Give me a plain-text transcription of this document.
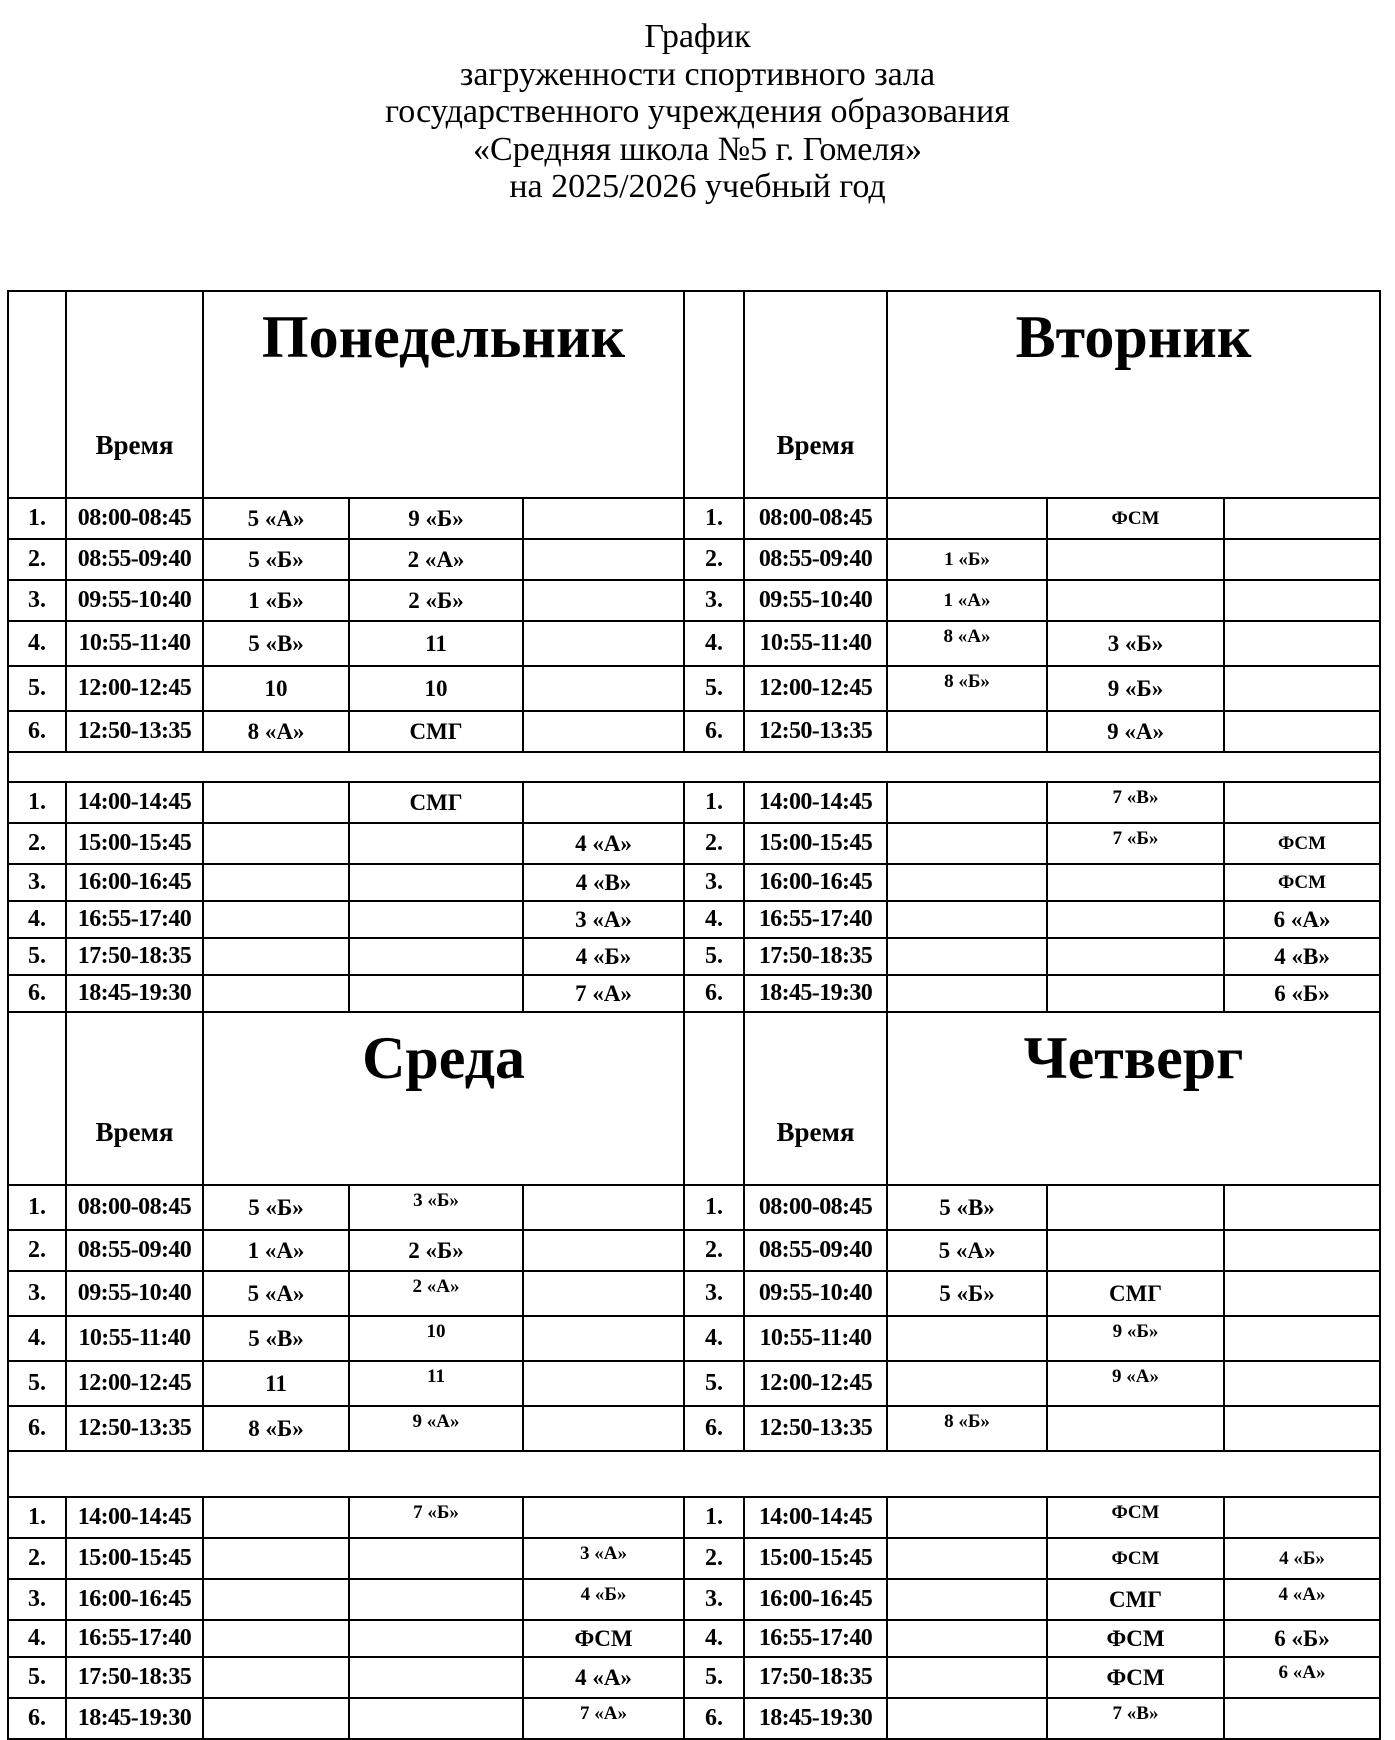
График
загруженности спортивного зала
государственного учреждения образования
«Средняя школа №5 г. Гомеля»
на 2025/2026 учебный год
	Время	Понедельник				Время	Вторник		
1.	08:00-08:45	5 «А»	9 «Б»		1.	08:00-08:45		ФСМ	
2.	08:55-09:40	5 «Б»	2 «А»		2.	08:55-09:40	1 «Б»		
3.	09:55-10:40	1 «Б»	2 «Б»		3.	09:55-10:40	1 «А»		
4.	10:55-11:40	5 «В»	11		4.	10:55-11:40	8 «А»	3 «Б»	
5.	12:00-12:45	10	10		5.	12:00-12:45	8 «Б»	9 «Б»	
6.	12:50-13:35	8 «А»	СМГ		6.	12:50-13:35		9 «А»	

1.	14:00-14:45		СМГ		1.	14:00-14:45		7 «В»	
2.	15:00-15:45			4 «А»	2.	15:00-15:45		7 «Б»	ФСМ
3.	16:00-16:45			4 «В»	3.	16:00-16:45			ФСМ
4.	16:55-17:40			3 «А»	4.	16:55-17:40			6 «А»
5.	17:50-18:35			4 «Б»	5.	17:50-18:35			4 «В»
6.	18:45-19:30			7 «А»	6.	18:45-19:30			6 «Б»
	Время	Среда				Время	Четверг		
1.	08:00-08:45	5 «Б»	3 «Б»		1.	08:00-08:45	5 «В»		
2.	08:55-09:40	1 «А»	2 «Б»		2.	08:55-09:40	5 «А»		
3.	09:55-10:40	5 «А»	2 «А»		3.	09:55-10:40	5 «Б»	СМГ	
4.	10:55-11:40	5 «В»	10		4.	10:55-11:40		9 «Б»	
5.	12:00-12:45	11	11		5.	12:00-12:45		9 «А»	
6.	12:50-13:35	8 «Б»	9 «А»		6.	12:50-13:35	8 «Б»		

1.	14:00-14:45		7 «Б»		1.	14:00-14:45		ФСМ	
2.	15:00-15:45			3 «А»	2.	15:00-15:45		ФСМ	4 «Б»
3.	16:00-16:45			4 «Б»	3.	16:00-16:45		СМГ	4 «А»
4.	16:55-17:40			ФСМ	4.	16:55-17:40		ФСМ	6 «Б»
5.	17:50-18:35			4 «А»	5.	17:50-18:35		ФСМ	6 «А»
6.	18:45-19:30			7 «А»	6.	18:45-19:30		7 «В»	
